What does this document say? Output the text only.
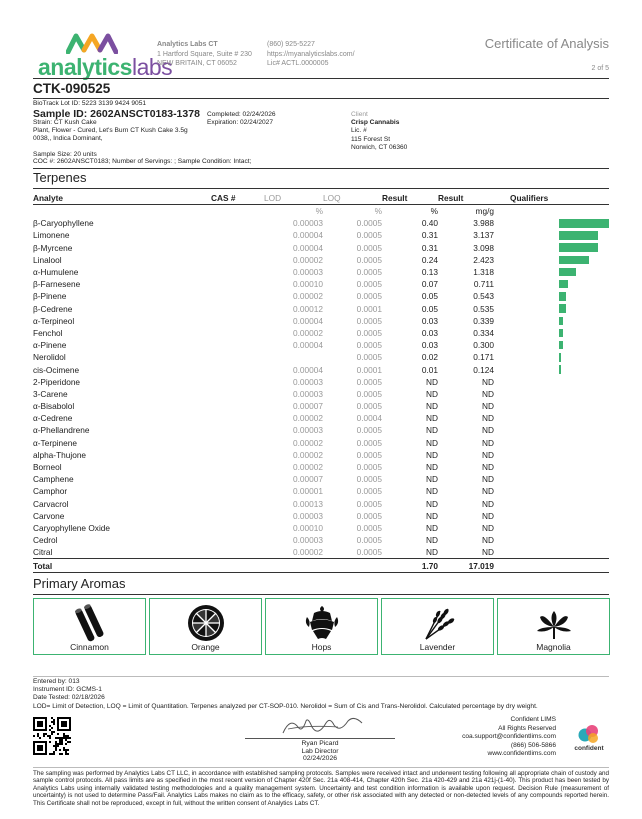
analyticslabs
Analytics Labs CT
1 Hartford Square, Suite # 230
NEW BRITAIN, CT 06052
(860) 925-5227
https://myanalyticslabs.com/
Lic# ACTL.0000005
Certificate of Analysis
2 of 5
CTK-090525
BioTrack Lot ID: 5223 3139 9424 9051
Sample ID: 2602ANSCT0183-1378 Completed: 02/24/2026
Strain: CT Kush Cake	Expiration: 02/24/2027
Plant, Flower - Cured, Let's Burn CT Kush Cake 3.5g
0038,, Indica Dominant,
Sample Size: 20 units
COC #: 2602ANSCT0183; Number of Servings: ; Sample Condition: Intact;
Client
Crisp Cannabis
Lic. #
115 Forest St
Norwich, CT 06360
Terpenes
Analyte	CAS #	LOD	LOQ	Result	Result	Qualifiers
		%	%	%	mg/g	
β-Caryophyllene		0.00003	0.0005	0.40	3.988	
Limonene		0.00004	0.0005	0.31	3.137	
β-Myrcene		0.00004	0.0005	0.31	3.098	
Linalool		0.00002	0.0005	0.24	2.423	
α-Humulene		0.00003	0.0005	0.13	1.318	
β-Farnesene		0.00010	0.0005	0.07	0.711	
β-Pinene		0.00002	0.0005	0.05	0.543	
β-Cedrene		0.00012	0.0001	0.05	0.535	
α-Terpineol		0.00004	0.0005	0.03	0.339	
Fenchol		0.00002	0.0005	0.03	0.334	
α-Pinene		0.00004	0.0005	0.03	0.300	
Nerolidol			0.0005	0.02	0.171	
cis-Ocimene		0.00004	0.0001	0.01	0.124	
2-Piperidone		0.00003	0.0005	ND	ND	
3-Carene		0.00003	0.0005	ND	ND	
α-Bisabolol		0.00007	0.0005	ND	ND	
α-Cedrene		0.00002	0.0004	ND	ND	
α-Phellandrene		0.00003	0.0005	ND	ND	
α-Terpinene		0.00002	0.0005	ND	ND	
alpha-Thujone		0.00002	0.0005	ND	ND	
Borneol		0.00002	0.0005	ND	ND	
Camphene		0.00007	0.0005	ND	ND	
Camphor		0.00001	0.0005	ND	ND	
Carvacrol		0.00013	0.0005	ND	ND	
Carvone		0.00003	0.0005	ND	ND	
Caryophyllene Oxide		0.00010	0.0005	ND	ND	
Cedrol		0.00003	0.0005	ND	ND	
Citral		0.00002	0.0005	ND	ND	
Total				1.70	17.019	
Primary Aromas
Cinnamon	Orange	Hops	Lavender	Magnolia
Entered by: 013
Instrument ID: GCMS-1
Date Tested: 02/18/2026
LOD= Limit of Detection, LOQ = Limit of Quantitation. Terpenes analyzed per CT-SOP-010. Nerolidol = Sum of Cis and Trans-Nerolidol. Calculated percentage by dry weight.
Ryan Picard
Lab Director
02/24/2026
Confident LIMS
All Rights Reserved
coa.support@confidentlims.com
(866) 506-5866
www.confidentlims.com
confident
The sampling was performed by Analytics Labs CT LLC, in accordance with established sampling protocols. Samples were received intact and underwent testing following all appropriate chain of custody and sample control protocols. All pass limits are as specified in the most recent version of Chapter 420f Sec. 21a 408-414, Chapter 420h Sec. 21a 420-429 and 21a 421j-(1-40). This product has been tested by Analytics Labs using internally validated testing methodologies and a quality management system. Uncertainty and test condition information is available upon request. Decision Rule (measurement of uncertainty) is not used to determine Pass/Fail. Analytics Labs makes no claim as to the efficacy, safety, or other risk associated with any detected or non-detected levels of any compounds reported herein. This Certificate shall not be reproduced, except in full, without the written consent of Analytics Labs CT.
